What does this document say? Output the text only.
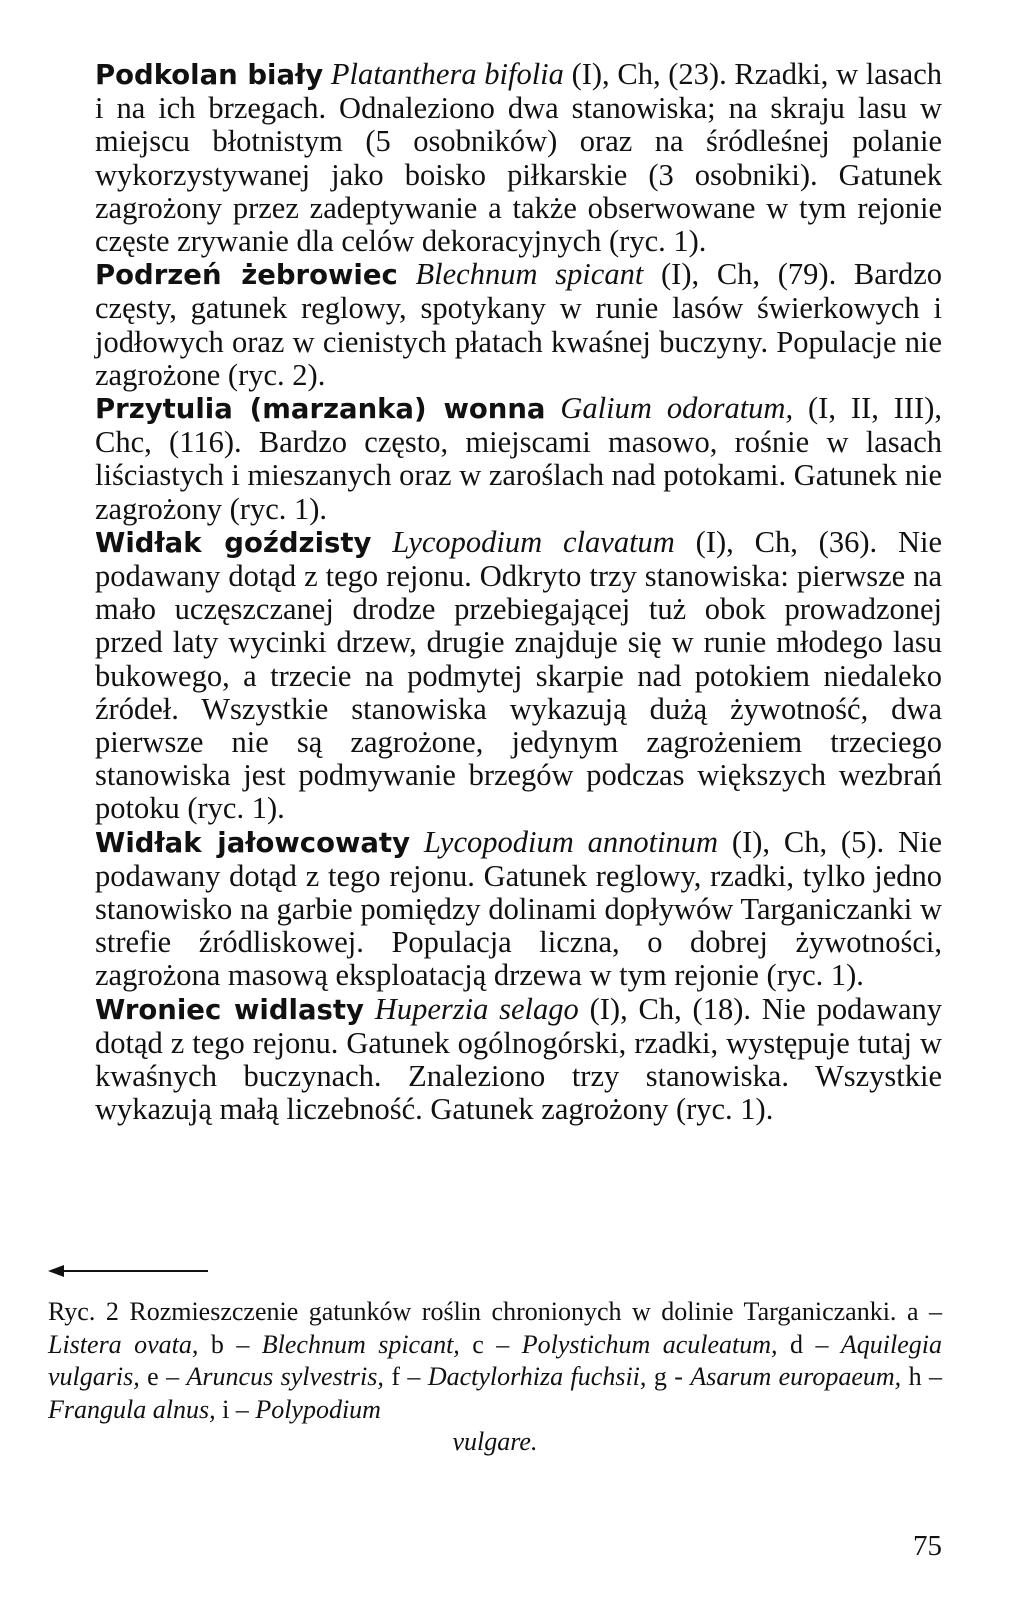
Podkolan biały Platanthera bifolia (I), Ch, (23). Rzadki, w lasach i na ich brzegach. Odnaleziono dwa stanowiska; na skraju lasu w miejscu błotnistym (5 osobników) oraz na śródleśnej polanie wykorzystywanej jako boisko piłkarskie (3 osobniki). Gatunek zagrożony przez zadeptywanie a także obserwowane w tym rejonie częste zrywanie dla celów dekoracyjnych (ryc. 1).

Podrzeń żebrowiec Blechnum spicant (I), Ch, (79). Bardzo częsty, gatunek reglowy, spotykany w runie lasów świerkowych i jodłowych oraz w cienistych płatach kwaśnej buczyny. Populacje nie zagrożone (ryc. 2).

Przytulia (marzanka) wonna Galium odoratum, (I, II, III), Chc, (116). Bardzo często, miejscami masowo, rośnie w lasach liściastych i mieszanych oraz w zaroślach nad potokami. Gatunek nie zagrożony (ryc. 1).

Widłak goździsty Lycopodium clavatum (I), Ch, (36). Nie podawany dotąd z tego rejonu. Odkryto trzy stanowiska: pierwsze na mało uczęszczanej drodze przebiegającej tuż obok prowadzonej przed laty wycinki drzew, drugie znajduje się w runie młodego lasu bukowego, a trzecie na podmytej skarpie nad potokiem niedaleko źródeł. Wszystkie stanowiska wykazują dużą żywotność, dwa pierwsze nie są zagrożone, jedynym zagrożeniem trzeciego stanowiska jest podmywanie brzegów podczas większych wezbrań potoku (ryc. 1).

Widłak jałowcowaty Lycopodium annotinum (I), Ch, (5). Nie podawany dotąd z tego rejonu. Gatunek reglowy, rzadki, tylko jedno stanowisko na garbie pomiędzy dolinami dopływów Targaniczanki w strefie źródliskowej. Populacja liczna, o dobrej żywotności, zagrożona masową eksploatacją drzewa w tym rejonie (ryc. 1).

Wroniec widlasty Huperzia selago (I), Ch, (18). Nie podawany dotąd z tego rejonu. Gatunek ogólnogórski, rzadki, występuje tutaj w kwaśnych buczynach. Znaleziono trzy stanowiska. Wszystkie wykazują małą liczebność. Gatunek zagrożony (ryc. 1).

Ryc. 2 Rozmieszczenie gatunków roślin chronionych w dolinie Targaniczanki. a – Listera ovata, b – Blechnum spicant, c – Polystichum aculeatum, d – Aquilegia vulgaris, e – Aruncus sylvestris, f – Dactylorhiza fuchsii, g - Asarum europaeum, h – Frangula alnus, i – Polypodium
vulgare.

75
